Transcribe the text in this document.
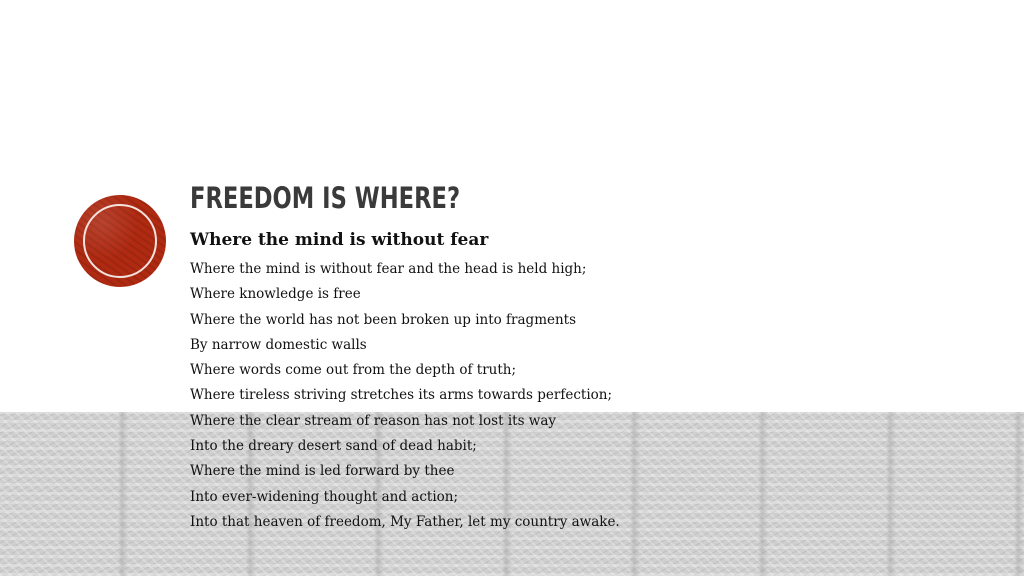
FREEDOM IS WHERE?
Where the mind is without fear
Where the mind is without fear and the head is held high;
Where knowledge is free
Where the world has not been broken up into fragments
By narrow domestic walls
Where words come out from the depth of truth;
Where tireless striving stretches its arms towards perfection;
Where the clear stream of reason has not lost its way
Into the dreary desert sand of dead habit;
Where the mind is led forward by thee
Into ever-widening thought and action;
Into that heaven of freedom, My Father, let my country awake.
